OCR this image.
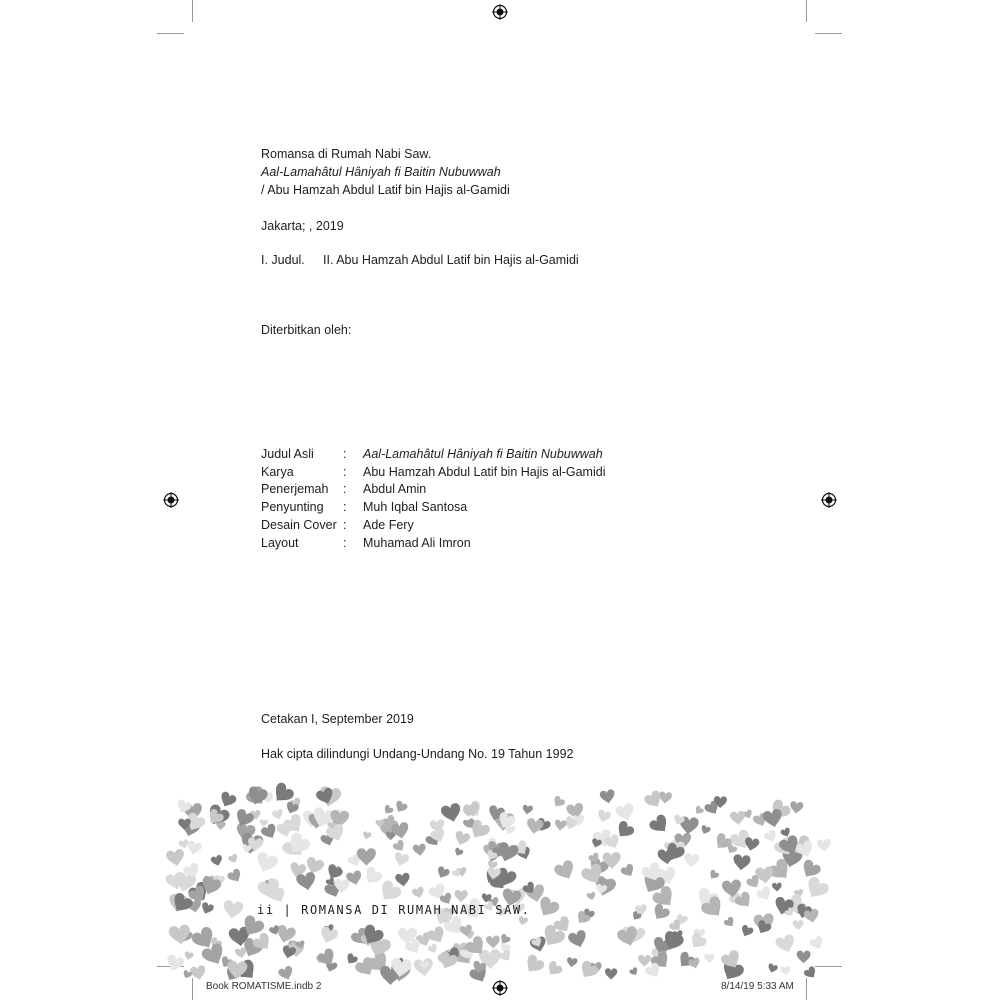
Romansa di Rumah Nabi Saw.
Aal-Lamahâtul Hâniyah fi Baitin Nubuwwah
/ Abu Hamzah Abdul Latif bin Hajis al-Gamidi
Jakarta; , 2019
I. Judul. II. Abu Hamzah Abdul Latif bin Hajis al-Gamidi
Diterbitkan oleh:
Judul Asli : Aal-Lamahâtul Hâniyah fi Baitin Nubuwwah
Karya	: Abu Hamzah Abdul Latif bin Hajis al-Gamidi
Penerjemah : Abdul Amin
Penyunting : Muh Iqbal Santosa
Desain Cover : Ade Fery
Layout	: Muhamad Ali Imron
Cetakan I, September 2019
Hak cipta dilindungi Undang-Undang No. 19 Tahun 1992
ii | ROMANSA DI RUMAH NABI SAW.
Book ROMATISME.indb 2	8/14/19 5:33 AM
